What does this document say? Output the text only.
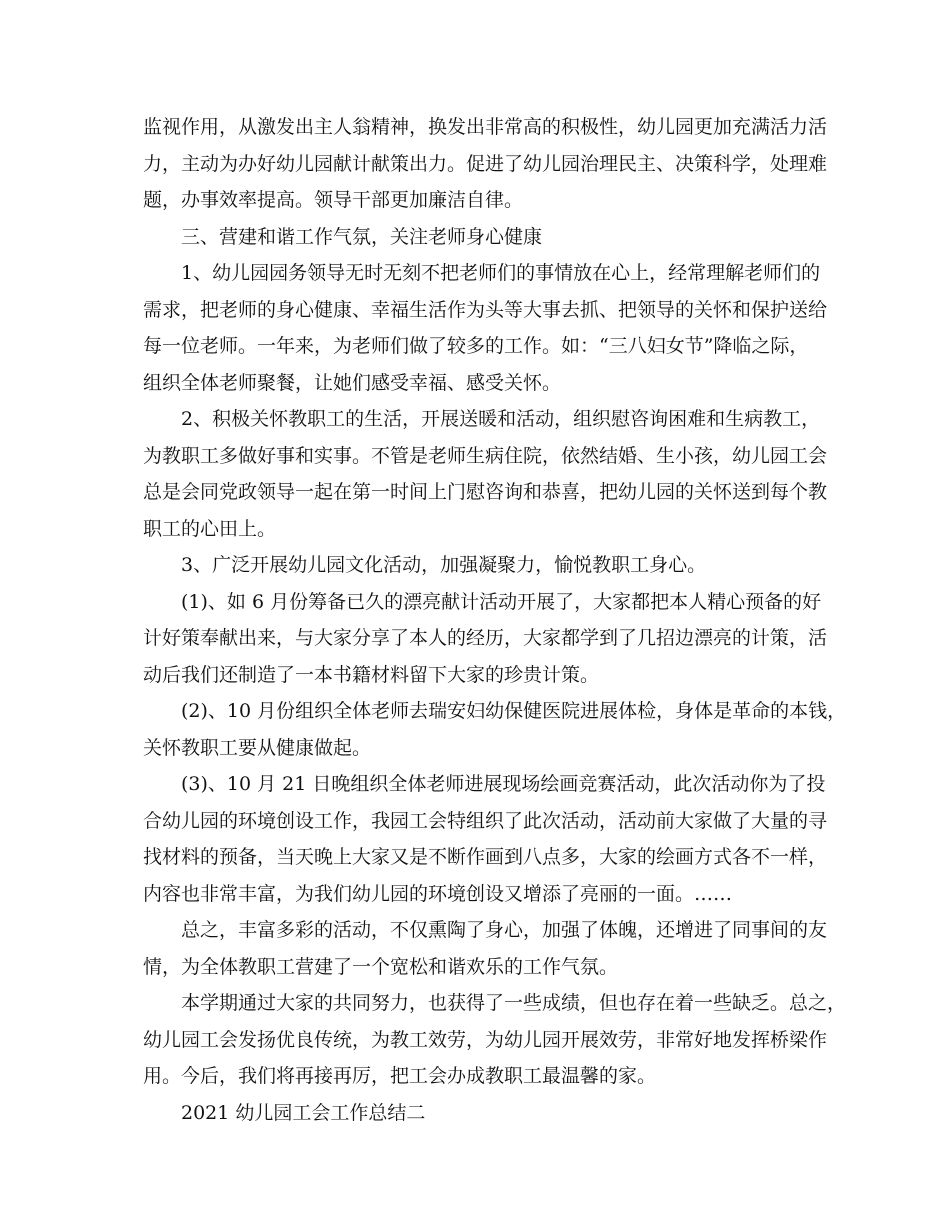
监视作用，从激发出主人翁精神，换发出非常高的积极性，幼儿园更加充满活力活
力，主动为办好幼儿园献计献策出力。促进了幼儿园治理民主、决策科学，处理难
题，办事效率提高。领导干部更加廉洁自律。
三、营建和谐工作气氛，关注老师身心健康
1、幼儿园园务领导无时无刻不把老师们的事情放在心上，经常理解老师们的
需求，把老师的身心健康、幸福生活作为头等大事去抓、把领导的关怀和保护送给
每一位老师。一年来，为老师们做了较多的工作。如：“三八妇女节”降临之际，
组织全体老师聚餐，让她们感受幸福、感受关怀。
2、积极关怀教职工的生活，开展送暖和活动，组织慰咨询困难和生病教工，
为教职工多做好事和实事。不管是老师生病住院，依然结婚、生小孩，幼儿园工会
总是会同党政领导一起在第一时间上门慰咨询和恭喜，把幼儿园的关怀送到每个教
职工的心田上。
3、广泛开展幼儿园文化活动，加强凝聚力，愉悦教职工身心。
(1)、如 6 月份筹备已久的漂亮献计活动开展了，大家都把本人精心预备的好
计好策奉献出来，与大家分享了本人的经历，大家都学到了几招边漂亮的计策，活
动后我们还制造了一本书籍材料留下大家的珍贵计策。
(2)、10 月份组织全体老师去瑞安妇幼保健医院进展体检，身体是革命的本钱，
关怀教职工要从健康做起。
(3)、10 月 21 日晚组织全体老师进展现场绘画竞赛活动，此次活动你为了投
合幼儿园的环境创设工作，我园工会特组织了此次活动，活动前大家做了大量的寻
找材料的预备，当天晚上大家又是不断作画到八点多，大家的绘画方式各不一样，
内容也非常丰富，为我们幼儿园的环境创设又增添了亮丽的一面。……
总之，丰富多彩的活动，不仅熏陶了身心，加强了体魄，还增进了同事间的友
情，为全体教职工营建了一个宽松和谐欢乐的工作气氛。
本学期通过大家的共同努力，也获得了一些成绩，但也存在着一些缺乏。总之，
幼儿园工会发扬优良传统，为教工效劳，为幼儿园开展效劳，非常好地发挥桥梁作
用。今后，我们将再接再厉，把工会办成教职工最温馨的家。
2021 幼儿园工会工作总结二
